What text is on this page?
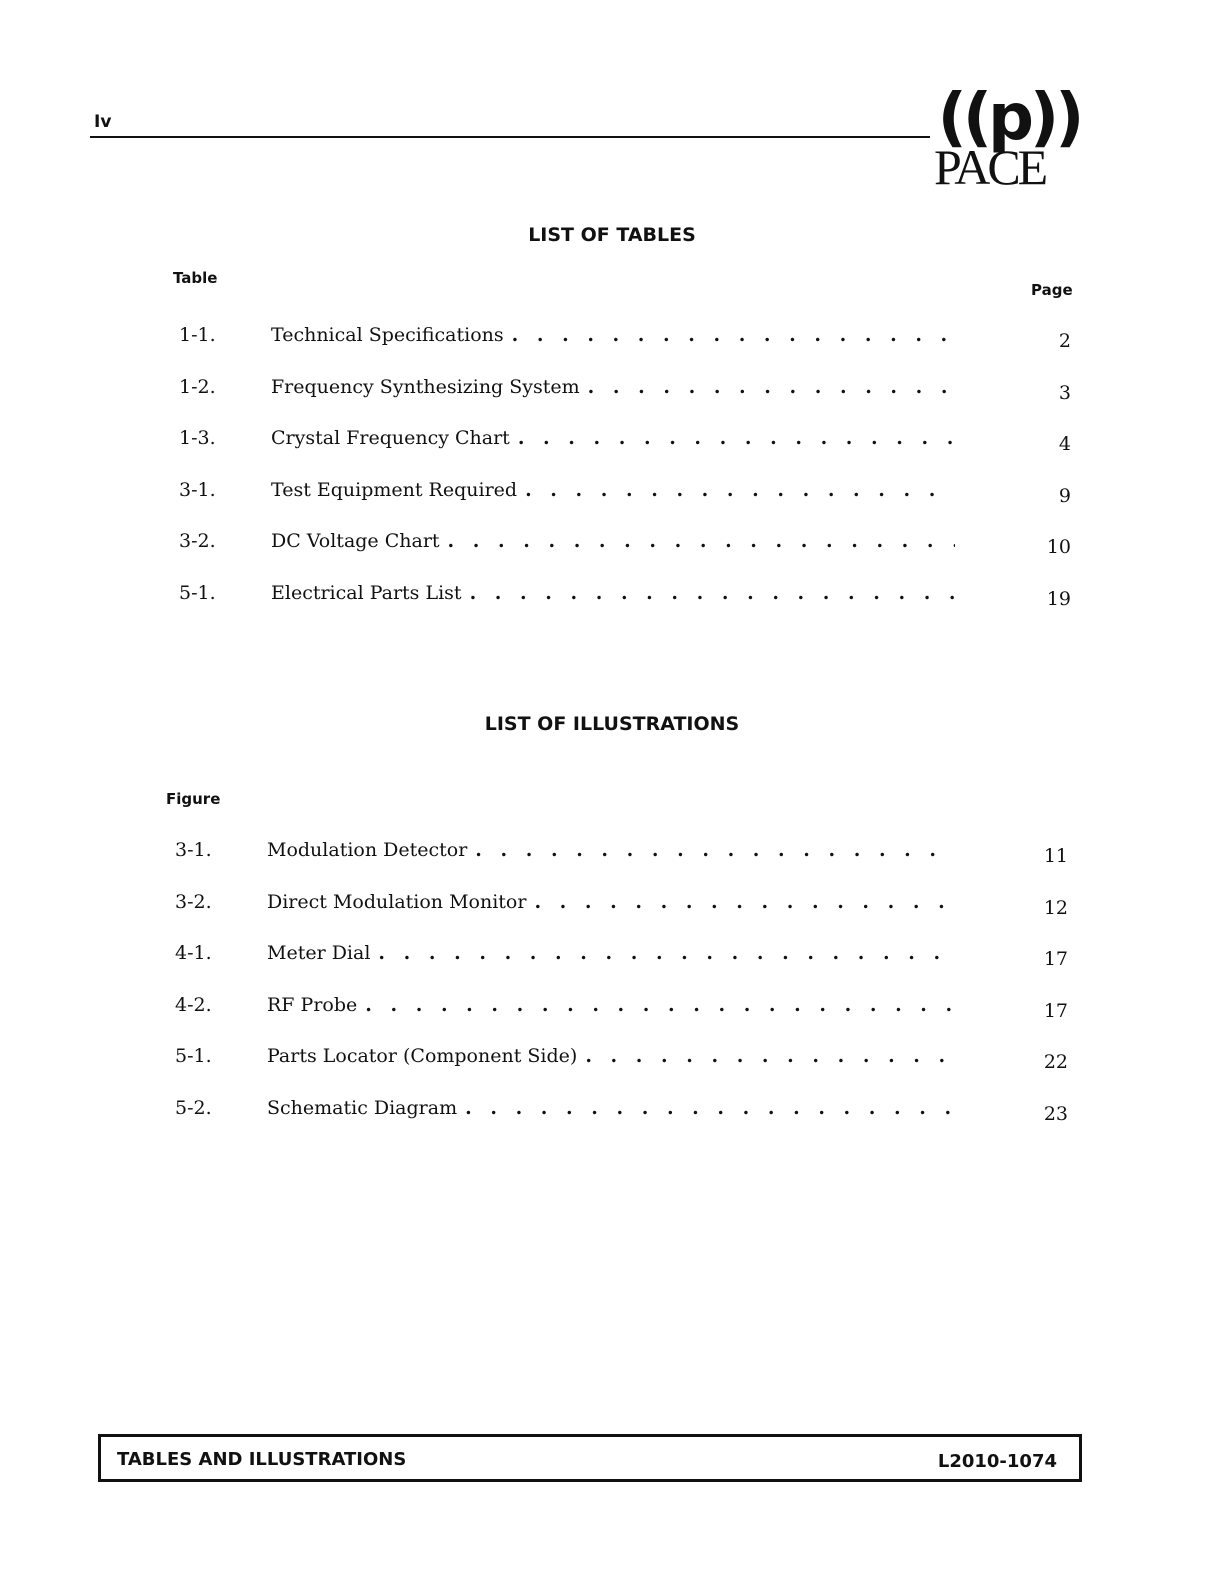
Iv	((p))
PACE
LIST OF TABLES
Table
Page
1-1.	Technical Specifications . . .	2
1-2.	Frequency Synthesizing System . . .	3
1-3.	Crystal Frequency Chart . . .	4
3-1.	Test Equipment Required . . .	9
3-2.	DC Voltage Chart . . .	10
5-1.	Electrical Parts List . . .	19
LIST OF ILLUSTRATIONS
Figure
3-1.	Modulation Detector . . .	11
3-2.	Direct Modulation Monitor . . .	12
4-1.	Meter Dial . . .	17
4-2.	RF Probe . . .	17
5-1.	Parts Locator (Component Side) . . .	22
5-2.	Schematic Diagram . . .	23
TABLES AND ILLUSTRATIONS	L2010-1074
